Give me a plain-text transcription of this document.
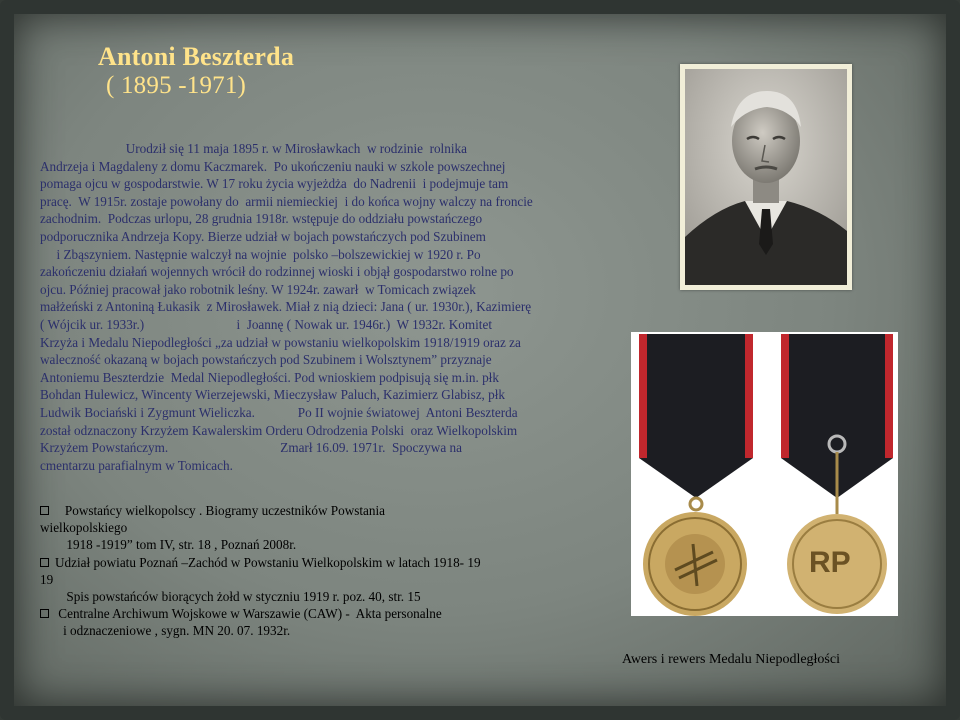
Antoni Beszterda
( 1895 -1971)
Urodził się 11 maja 1895 r. w Mirosławkach  w rodzinie  rolnika
Andrzeja i Magdaleny z domu Kaczmarek.  Po ukończeniu nauki w szkole powszechnej
pomaga ojcu w gospodarstwie. W 17 roku życia wyjeżdża  do Nadrenii  i podejmuje tam
pracę.  W 1915r. zostaje powołany do  armii niemieckiej  i do końca wojny walczy na froncie
zachodnim.  Podczas urlopu, 28 grudnia 1918r. wstępuje do oddziału powstańczego
podporucznika Andrzeja Kopy. Bierze udział w bojach powstańczych pod Szubinem
i Zbąszyniem. Następnie walczył na wojnie  polsko –bolszewickiej w 1920 r. Po
zakończeniu działań wojennych wrócił do rodzinnej wioski i objął gospodarstwo rolne po
ojcu. Później pracował jako robotnik leśny. W 1924r. zawarł  w Tomicach związek
małżeński z Antoniną Łukasik  z Mirosławek. Miał z nią dzieci: Jana ( ur. 1930r.), Kazimierę
( Wójcik ur. 1933r.)                            i  Joannę ( Nowak ur. 1946r.)  W 1932r. Komitet
Krzyża i Medalu Niepodległości „za udział w powstaniu wielkopolskim 1918/1919 oraz za
waleczność okazaną w bojach powstańczych pod Szubinem i Wolsztynem” przyznaje
Antoniemu Beszterdzie  Medal Niepodległości. Pod wnioskiem podpisują się m.in. płk
Bohdan Hulewicz, Wincenty Wierzejewski, Mieczysław Paluch, Kazimierz Glabisz, płk
Ludwik Bociański i Zygmunt Wieliczka.             Po II wojnie światowej  Antoni Beszterda
został odznaczony Krzyżem Kawalerskim Orderu Odrodzenia Polski  oraz Wielkopolskim
Krzyżem Powstańczym.                                  Zmarł 16.09. 1971r.  Spoczywa na
cmentarzu parafialnym w Tomicach.
Powstańcy wielkopolscy . Biogramy uczestników Powstania
wielkopolskiego
1918 -1919” tom IV, str. 18 , Poznań 2008r.
Udział powiatu Poznań –Zachód w Powstaniu Wielkopolskim w latach 1918- 19
19
Spis powstańców biorących żołd w styczniu 1919 r. poz. 40, str. 15
Centralne Archiwum Wojskowe w Warszawie (CAW) -  Akta personalne
i odznaczeniowe , sygn. MN 20. 07. 1932r.
RP
Awers i rewers Medalu Niepodległości
